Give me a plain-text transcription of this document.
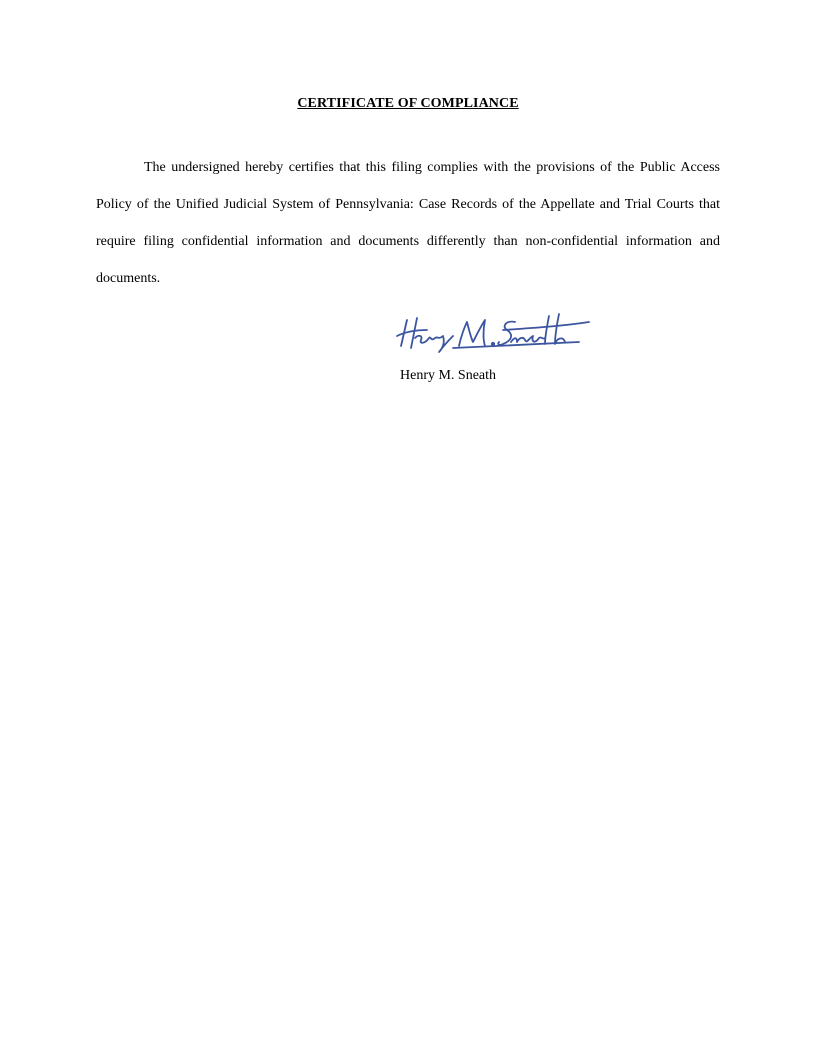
CERTIFICATE OF COMPLIANCE

The undersigned hereby certifies that this filing complies with the provisions of the Public Access Policy of the Unified Judicial System of Pennsylvania: Case Records of the Appellate and Trial Courts that require filing confidential information and documents differently than non-confidential information and documents.

Henry M. Sneath
